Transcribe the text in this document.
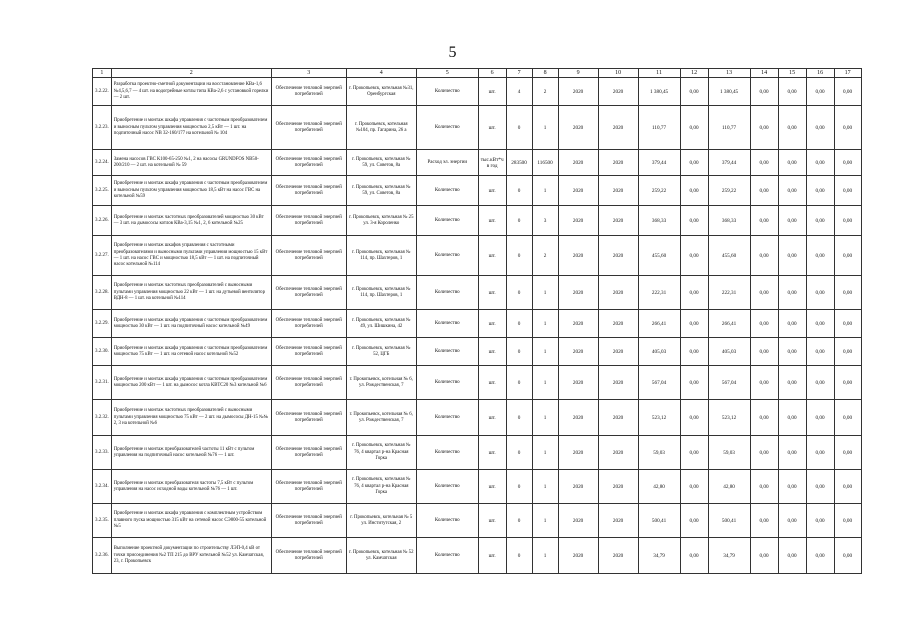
5
1	2	3	4	5	6	7	8	9	10	11	12	13	14	15	16	17
3.2.22.	Разработка проектно-сметной документации на восстановление КВа-1,6 №4,5,6,7 — 4 шт. на водогрейные котлы типа КВа-2,6 с установкой горелки — 2 шт.	Обеспечение тепловой энергией потребителей	г. Прокопьевск, котельная №31, Оренбургская	Количество	шт.	4	2	2020	2020	1 380,45	0,00	1 380,45	0,00	0,00	0,00	0,00
3.2.23.	Приобретение и монтаж шкафа управления с частотным преобразователем и выносным пультом управления мощностью 2,5 кВт — 1 шт. на подпиточный насос NB 32-160/177 на котельной № 104	Обеспечение тепловой энергией потребителей	г. Прокопьевск, котельная №104, пр. Гагарина, 26 а	Количество	шт.	0	1	2020	2020	110,77	0,00	110,77	0,00	0,00	0,00	0,00
3.2.24.	Замена насосов ГВС К100-65-250 №1, 2 на насосы GRUNDFOS NB50-200/210 — 2 шт. на котельной № 59	Обеспечение тепловой энергией потребителей	г. Прокопьевск, котельная № 59, ул. Советов, 8а	Расход эл. энергии	тыс.кВт*ч в год	283500	116500	2020	2020	379,44	0,00	379,44	0,00	0,00	0,00	0,00
3.2.25.	Приобретение и монтаж шкафа управления с частотным преобразователем и выносным пультом управления мощностью 18,5 кВт на насос ГВС на котельной №59	Обеспечение тепловой энергией потребителей	г. Прокопьевск, котельная № 59, ул. Советов, 8а	Количество	шт.	0	1	2020	2020	259,22	0,00	259,22	0,00	0,00	0,00	0,00
3.2.26.	Приобретение и монтаж частотных преобразователей мощностью 30 кВт — 3 шт. на дымососы котлов КВа-3,15 №1, 2, 6 котельной №25	Обеспечение тепловой энергией потребителей	г. Прокопьевск, котельная № 25 ул. 3-я Короленко	Количество	шт.	0	3	2020	2020	368,33	0,00	368,33	0,00	0,00	0,00	0,00
3.2.27.	Приобретение и монтаж шкафов управления с частотными преобразователями и выносными пультами управления мощностью 15 кВт — 1 шт. на насос ГВС и мощностью 18,5 кВт — 1 шт. на подпиточный насос котельной №114	Обеспечение тепловой энергией потребителей	г. Прокопьевск, котельная № 114, пр. Шахтеров, 1	Количество	шт.	0	2	2020	2020	455,60	0,00	455,60	0,00	0,00	0,00	0,00
3.2.28.	Приобретение и монтаж частотных преобразователей с выносными пультами управления мощностью 22 кВт — 1 шт. на дутьевой вентилятор ВДН-8 — 1 шт. на котельной №114	Обеспечение тепловой энергией потребителей	г. Прокопьевск, котельная № 114, пр. Шахтеров, 1	Количество	шт.	0	1	2020	2020	222,31	0,00	222,31	0,00	0,00	0,00	0,00
3.2.29.	Приобретение и монтаж шкафа управления с частотным преобразователем мощностью 30 кВт — 1 шт. на подпиточный насос котельной №49	Обеспечение тепловой энергией потребителей	г. Прокопьевск, котельная № 49, ул. Шишкина, 42	Количество	шт.	0	1	2020	2020	266,41	0,00	266,41	0,00	0,00	0,00	0,00
3.2.30.	Приобретение и монтаж шкафа управления с частотным преобразователем мощностью 75 кВт — 1 шт. на сетевой насос котельной №52	Обеспечение тепловой энергией потребителей	г. Прокопьевск, котельная № 52, ЦГБ	Количество	шт.	0	1	2020	2020	405,03	0,00	405,03	0,00	0,00	0,00	0,00
3.2.31.	Приобретение и монтаж шкафа управления с частотным преобразователем мощностью 200 кВт — 1 шт. на дымосос котла КВТС20 №3 котельной №6	Обеспечение тепловой энергией потребителей	г. Прокопьевск, котельная № 6, ул. Рождественская, 7	Количество	шт.	0	1	2020	2020	567,04	0,00	567,04	0,00	0,00	0,00	0,00
3.2.32.	Приобретение и монтаж частотных преобразователей с выносными пультами управления мощностью 75 кВт — 2 шт. на дымососы ДН-15 №№ 2, 3 на котельной №6	Обеспечение тепловой энергией потребителей	г. Прокопьевск, котельная № 6, ул. Рождественская, 7	Количество	шт.	0	1	2020	2020	523,12	0,00	523,12	0,00	0,00	0,00	0,00
3.2.33.	Приобретение и монтаж преобразователей частоты 11 кВт с пультом управления на подпиточный насос котельной №76 — 1 шт.	Обеспечение тепловой энергией потребителей	г. Прокопьевск, котельная № 76, 4 квартал р-на Красная Горка	Количество	шт.	0	1	2020	2020	59,03	0,00	59,03	0,00	0,00	0,00	0,00
3.2.34.	Приобретение и монтаж преобразователя частоты 7,5 кВт с пультом управления на насос исходной воды котельной №76 — 1 шт.	Обеспечение тепловой энергией потребителей	г. Прокопьевск, котельная № 76, 4 квартал р-на Красная Горка	Количество	шт.	0	1	2020	2020	42,80	0,00	42,80	0,00	0,00	0,00	0,00
3.2.35.	Приобретение и монтаж шкафа управления с комплектным устройством плавного пуска мощностью 315 кВт на сетевой насос СЭ800-55 котельной №5	Обеспечение тепловой энергией потребителей	г. Прокопьевск, котельная № 5 ул. Институтская, 2	Количество	шт.	0	1	2020	2020	500,41	0,00	500,41	0,00	0,00	0,00	0,00
3.2.36.	Выполнение проектной документации по строительству ЛЭП-0,4 кВ от точки присоединения №2 ТП 215 до ВРУ котельной №52 ул. Камчатская, 23, г. Прокопьевск	Обеспечение тепловой энергией потребителей	г. Прокопьевск, котельная № 52 ул. Камчатская	Количество	шт.	0	1	2020	2020	34,79	0,00	34,79	0,00	0,00	0,00	0,00
